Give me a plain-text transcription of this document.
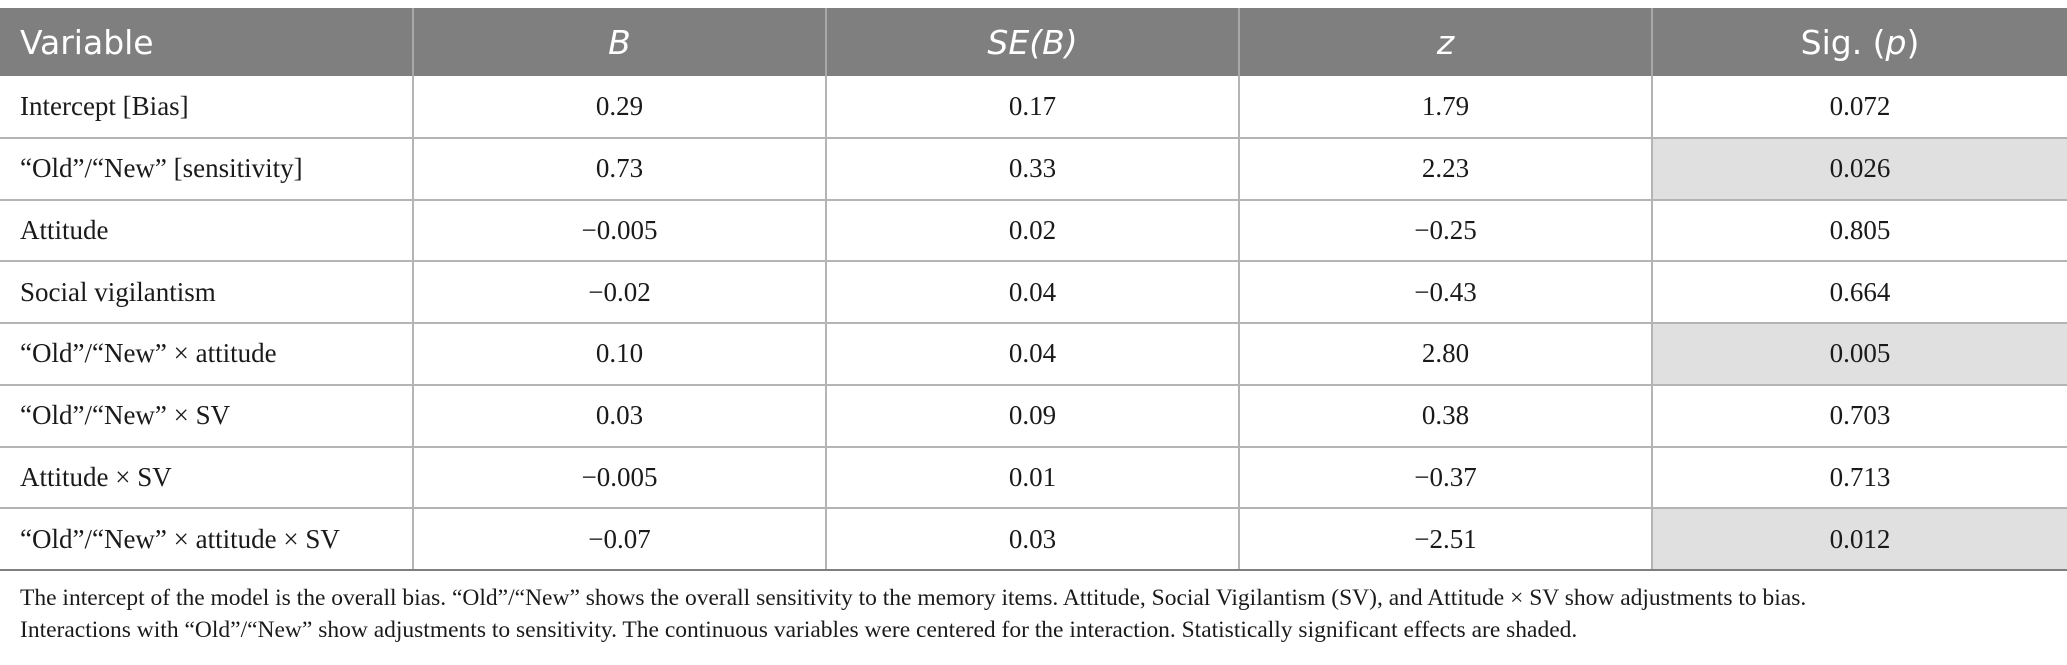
Variable	B	SE(B)	z	Sig. (p)
Intercept [Bias]	0.29	0.17	1.79	0.072
“Old”/“New” [sensitivity]	0.73	0.33	2.23	0.026
Attitude	−0.005	0.02	−0.25	0.805
Social vigilantism	−0.02	0.04	−0.43	0.664
“Old”/“New” × attitude	0.10	0.04	2.80	0.005
“Old”/“New” × SV	0.03	0.09	0.38	0.703
Attitude × SV	−0.005	0.01	−0.37	0.713
“Old”/“New” × attitude × SV	−0.07	0.03	−2.51	0.012

The intercept of the model is the overall bias. “Old”/“New” shows the overall sensitivity to the memory items. Attitude, Social Vigilantism (SV), and Attitude × SV show adjustments to bias.

Interactions with “Old”/“New” show adjustments to sensitivity. The continuous variables were centered for the interaction. Statistically significant effects are shaded.
